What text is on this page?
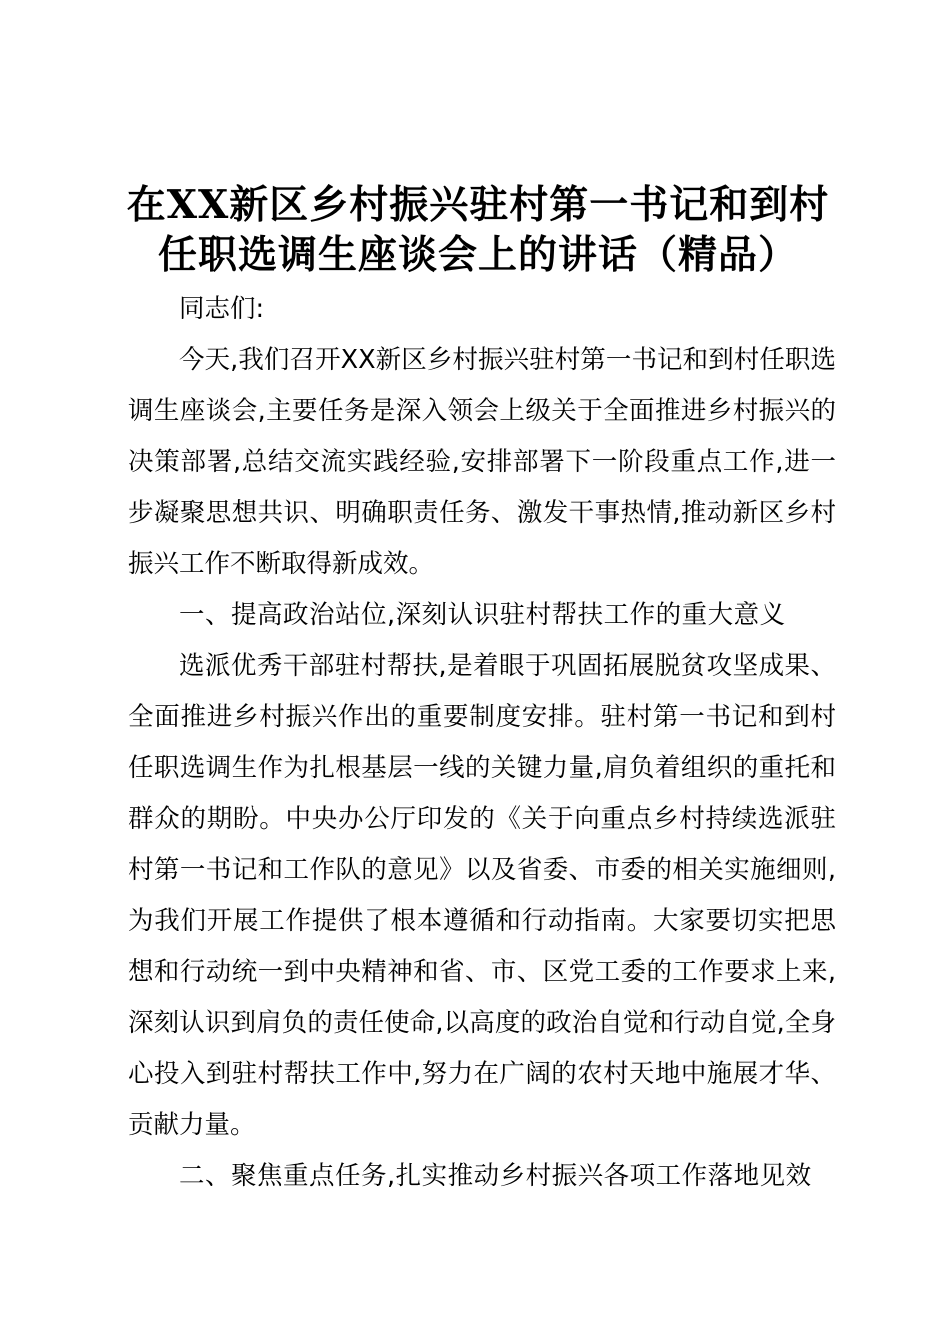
在XX新区乡村振兴驻村第一书记和到村任职选调生座谈会上的讲话（精品）

同志们:

今天,我们召开XX新区乡村振兴驻村第一书记和到村任职选调生座谈会,主要任务是深入领会上级关于全面推进乡村振兴的决策部署,总结交流实践经验,安排部署下一阶段重点工作,进一步凝聚思想共识、明确职责任务、激发干事热情,推动新区乡村振兴工作不断取得新成效。

一、提高政治站位,深刻认识驻村帮扶工作的重大意义

选派优秀干部驻村帮扶,是着眼于巩固拓展脱贫攻坚成果、全面推进乡村振兴作出的重要制度安排。驻村第一书记和到村任职选调生作为扎根基层一线的关键力量,肩负着组织的重托和群众的期盼。中央办公厅印发的《关于向重点乡村持续选派驻村第一书记和工作队的意见》以及省委、市委的相关实施细则,为我们开展工作提供了根本遵循和行动指南。大家要切实把思想和行动统一到中央精神和省、市、区党工委的工作要求上来,深刻认识到肩负的责任使命,以高度的政治自觉和行动自觉,全身心投入到驻村帮扶工作中,努力在广阔的农村天地中施展才华、贡献力量。

二、聚焦重点任务,扎实推动乡村振兴各项工作落地见效
